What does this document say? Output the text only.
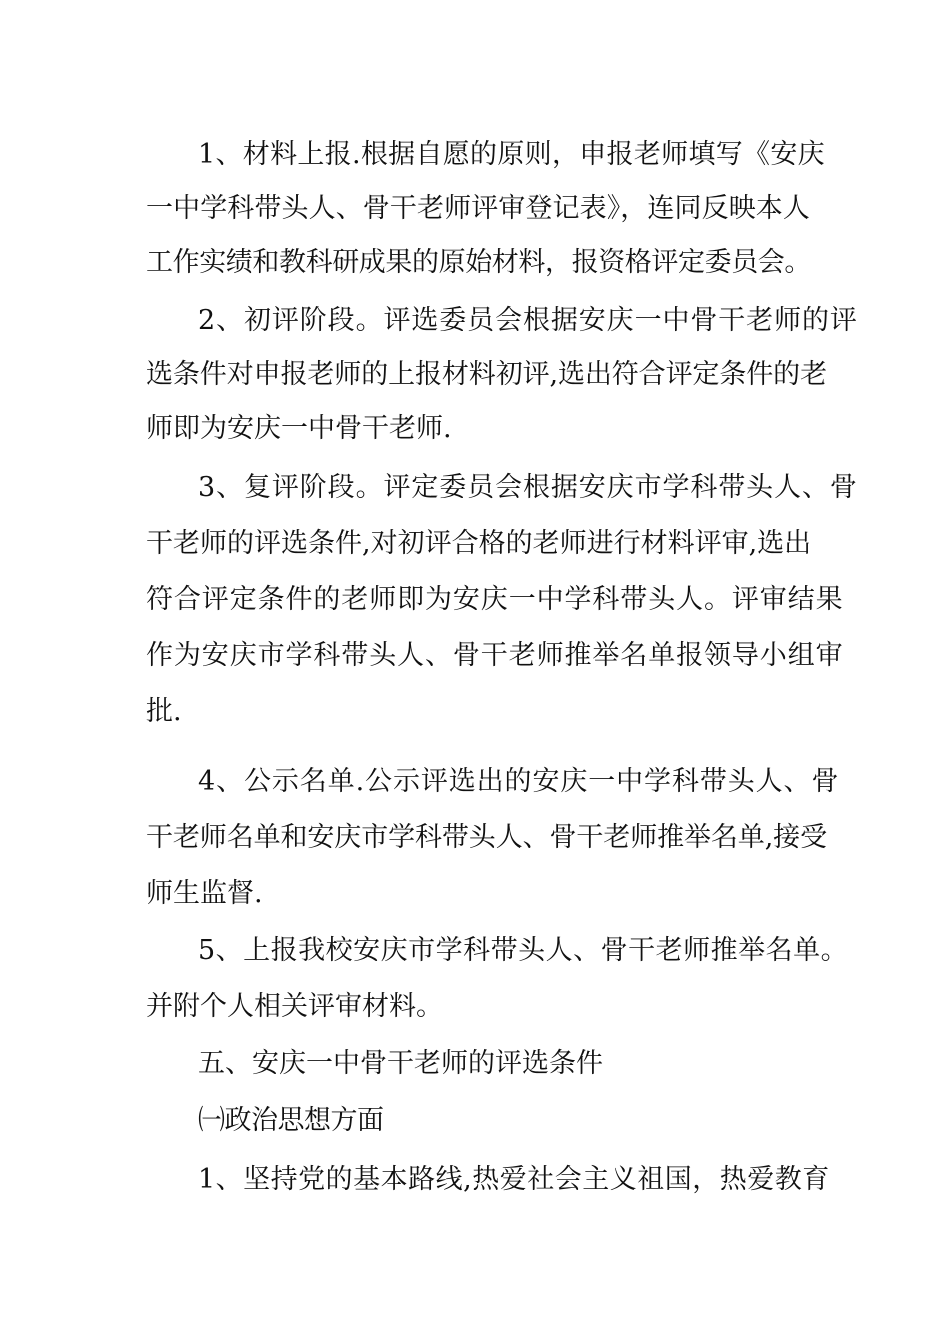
1、材料上报.根据自愿的原则，申报老师填写《安庆
一中学科带头人、骨干老师评审登记表》，连同反映本人
工作实绩和教科研成果的原始材料，报资格评定委员会。
2、初评阶段。评选委员会根据安庆一中骨干老师的评
选条件对申报老师的上报材料初评,选出符合评定条件的老
师即为安庆一中骨干老师.
3、复评阶段。评定委员会根据安庆市学科带头人、骨
干老师的评选条件,对初评合格的老师进行材料评审,选出
符合评定条件的老师即为安庆一中学科带头人。评审结果
作为安庆市学科带头人、骨干老师推举名单报领导小组审
批.
4、公示名单.公示评选出的安庆一中学科带头人、骨
干老师名单和安庆市学科带头人、骨干老师推举名单,接受
师生监督.
5、上报我校安庆市学科带头人、骨干老师推举名单。
并附个人相关评审材料。
五、安庆一中骨干老师的评选条件
㈠政治思想方面
1、坚持党的基本路线,热爱社会主义祖国，热爱教育
